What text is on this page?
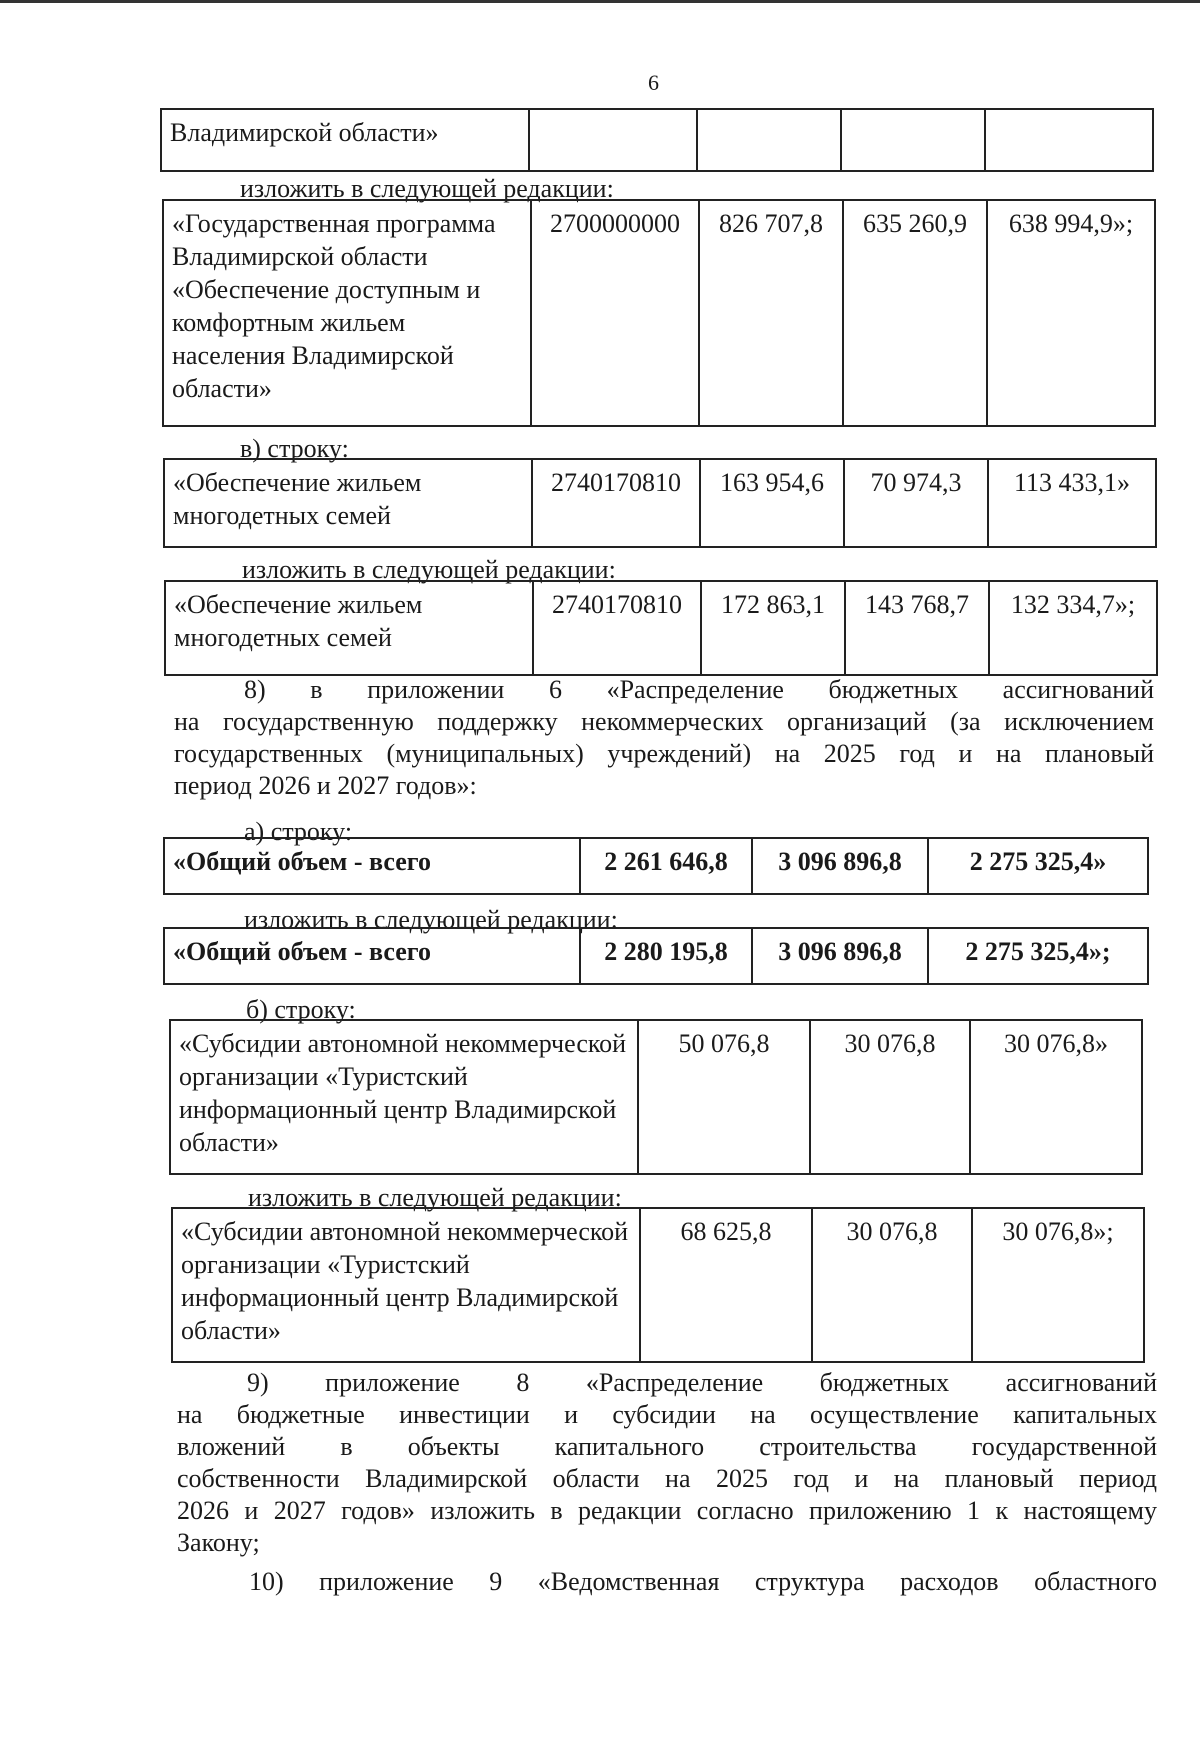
6
Владимирской области»				
изложить в следующей редакции:
«Государственная программа Владимирской области «Обеспечение доступным и комфортным жильем населения Владимирской области»	2700000000	826 707,8	635 260,9	638 994,9»;
в) строку:
«Обеспечение жильем многодетных семей	2740170810	163 954,6	70 974,3	113 433,1»
изложить в следующей редакции:
«Обеспечение жильем многодетных семей	2740170810	172 863,1	143 768,7	132 334,7»;
8) в приложении 6 «Распределение бюджетных ассигнований
на государственную поддержку некоммерческих организаций (за исключением
государственных (муниципальных) учреждений) на 2025 год и на плановый
период 2026 и 2027 годов»:
а) строку:
«Общий объем - всего	2 261 646,8	3 096 896,8	2 275 325,4»
изложить в следующей редакции:
«Общий объем - всего	2 280 195,8	3 096 896,8	2 275 325,4»;
б) строку:
«Субсидии автономной некоммерческой организации «Туристский информационный центр Владимирской области»	50 076,8	30 076,8	30 076,8»
изложить в следующей редакции:
«Субсидии автономной некоммерческой организации «Туристский информационный центр Владимирской области»	68 625,8	30 076,8	30 076,8»;
9) приложение 8 «Распределение бюджетных ассигнований
на бюджетные инвестиции и субсидии на осуществление капитальных
вложений в объекты капитального строительства государственной
собственности Владимирской области на 2025 год и на плановый период
2026 и 2027 годов» изложить в редакции согласно приложению 1 к настоящему
Закону;
10) приложение 9 «Ведомственная структура расходов областного
